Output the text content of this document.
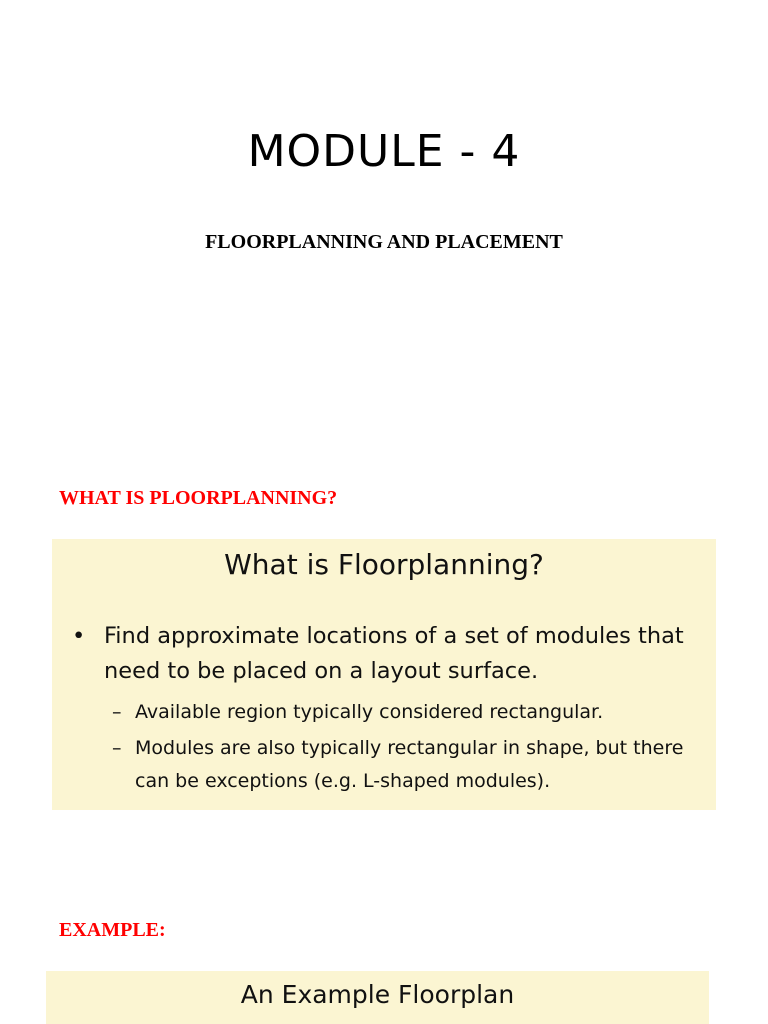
MODULE - 4
FLOORPLANNING AND PLACEMENT
WHAT IS PLOORPLANNING?
What is Floorplanning?
• Find approximate locations of a set of modules that need to be placed on a layout surface.
– Available region typically considered rectangular.
– Modules are also typically rectangular in shape, but there can be exceptions (e.g. L-shaped modules).
EXAMPLE:
An Example Floorplan
